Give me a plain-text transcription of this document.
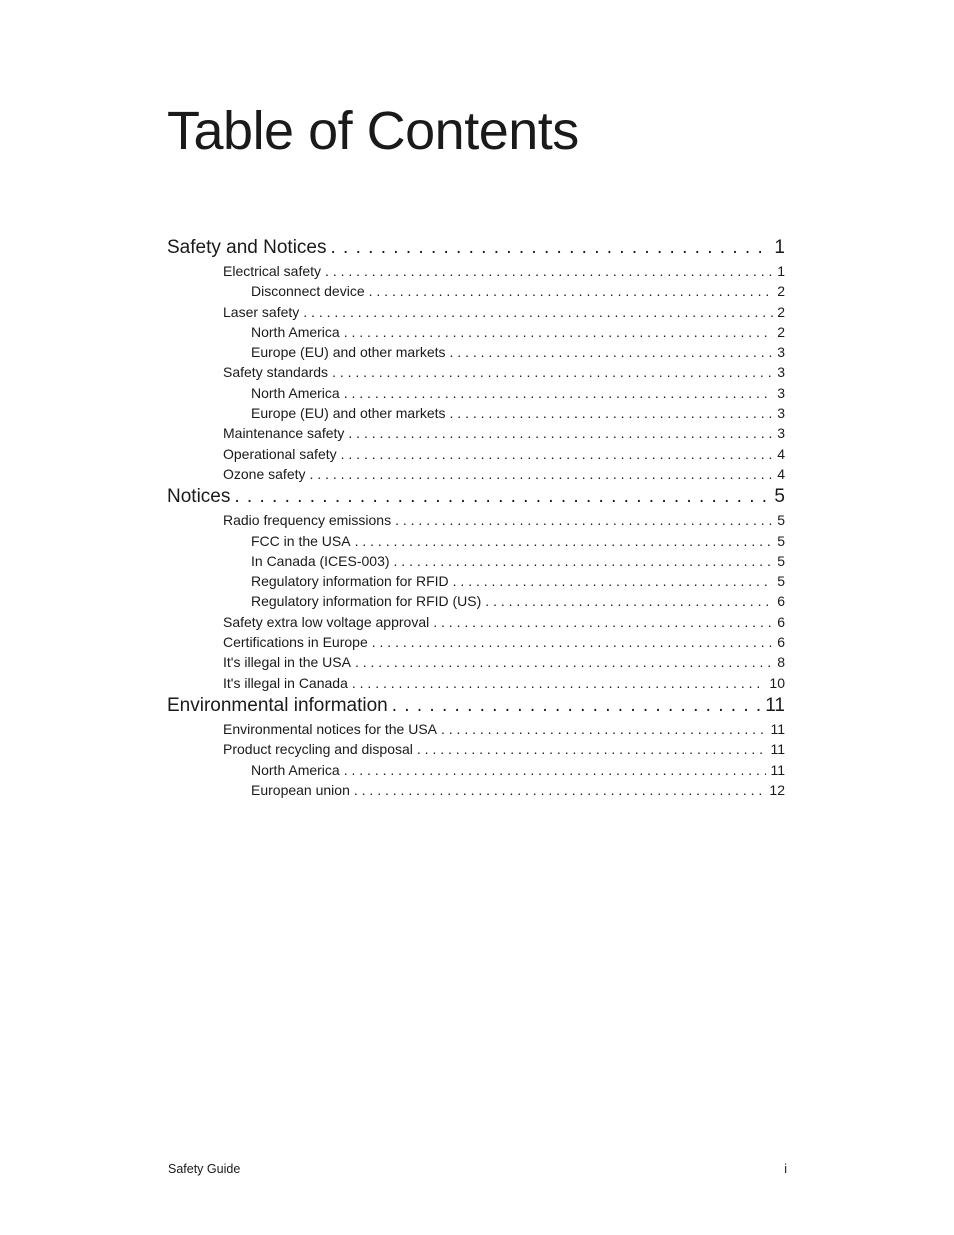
Table of Contents
Safety and Notices . . .	1
Electrical safety . . .	1
Disconnect device . . .	2
Laser safety . . .	2
North America . . .	2
Europe (EU) and other markets . . .	3
Safety standards . . .	3
North America . . .	3
Europe (EU) and other markets . . .	3
Maintenance safety . . .	3
Operational safety . . .	4
Ozone safety . . .	4
Notices . . .	5
Radio frequency emissions . . .	5
FCC in the USA . . .	5
In Canada (ICES-003) . . .	5
Regulatory information for RFID . . .	5
Regulatory information for RFID (US) . . .	6
Safety extra low voltage approval . . .	6
Certifications in Europe . . .	6
It's illegal in the USA . . .	8
It's illegal in Canada . . .	10
Environmental information . . .	11
Environmental notices for the USA . . .	11
Product recycling and disposal . . .	11
North America . . .	11
European union . . .	12
Safety Guide	i
